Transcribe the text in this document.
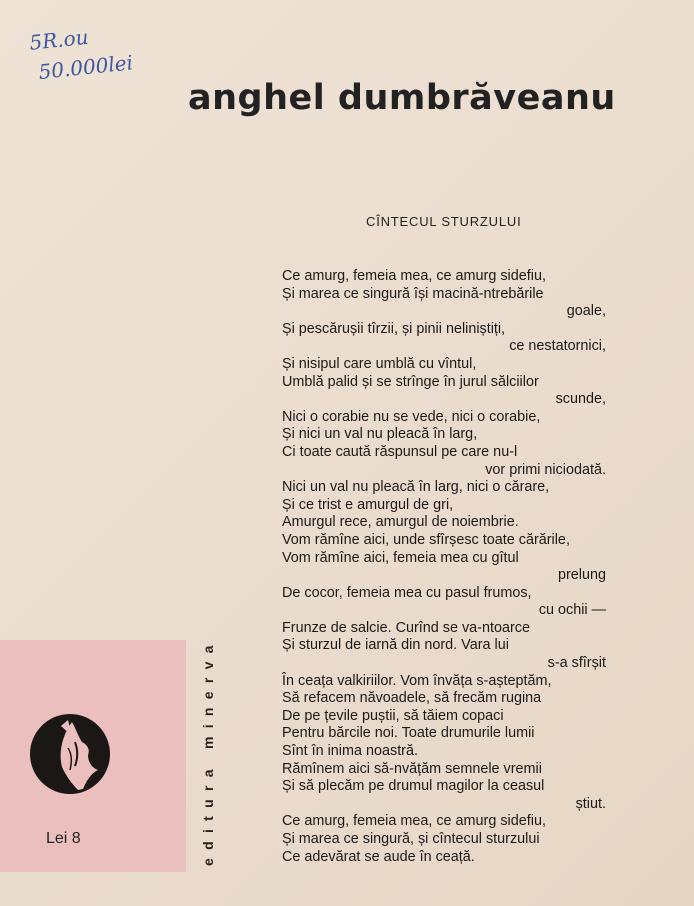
5R.ou
50.000lei
anghel dumbrăveanu
CÎNTECUL STURZULUI
Ce amurg, femeia mea, ce amurg sidefiu,
Și marea ce singură își macină-ntrebările
goale,
Și pescărușii tîrzii, și pinii neliniștiți,
ce nestatornici,
Și nisipul care umblă cu vîntul,
Umblă palid și se strînge în jurul sălciilor
scunde,
Nici o corabie nu se vede, nici o corabie,
Și nici un val nu pleacă în larg,
Ci toate caută răspunsul pe care nu-l
vor primi niciodată.
Nici un val nu pleacă în larg, nici o cărare,
Și ce trist e amurgul de gri,
Amurgul rece, amurgul de noiembrie.
Vom rămîne aici, unde sfîrșesc toate cărările,
Vom rămîne aici, femeia mea cu gîtul
prelung
De cocor, femeia mea cu pasul frumos,
cu ochii —
Frunze de salcie. Curînd se va-ntoarce
Și sturzul de iarnă din nord. Vara lui
s-a sfîrșit
În ceața valkiriilor. Vom învăța s-așteptăm,
Să refacem năvoadele, să frecăm rugina
De pe țevile puștii, să tăiem copaci
Pentru bărcile noi. Toate drumurile lumii
Sînt în inima noastră.
Rămînem aici să-nvățăm semnele vremii
Și să plecăm pe drumul magilor la ceasul
știut.
Ce amurg, femeia mea, ce amurg sidefiu,
Și marea ce singură, și cîntecul sturzului
Ce adevărat se aude în ceață.
Lei 8	editura minerva
